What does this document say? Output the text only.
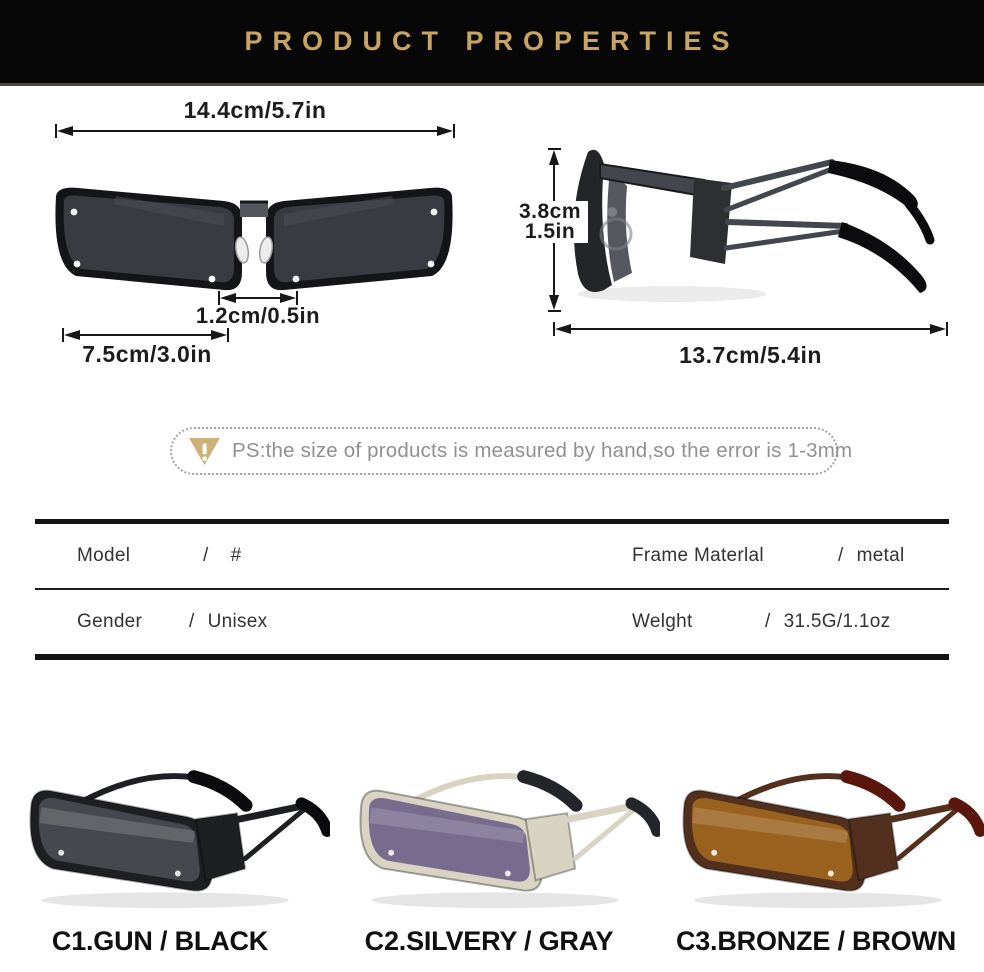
PRODUCT PROPERTIES
14.4cm/5.7in
1.2cm/0.5in
7.5cm/3.0in
3.8cm
1.5in
13.7cm/5.4in
PS:the size of products is measured by hand,so the error is 1-3mm
Model	/ #	Frame Materlal	/ metal
Gender	/ Unisex	Welght	/ 31.5G/1.1oz
C1.GUN / BLACK	C2.SILVERY / GRAY	C3.BRONZE / BROWN
